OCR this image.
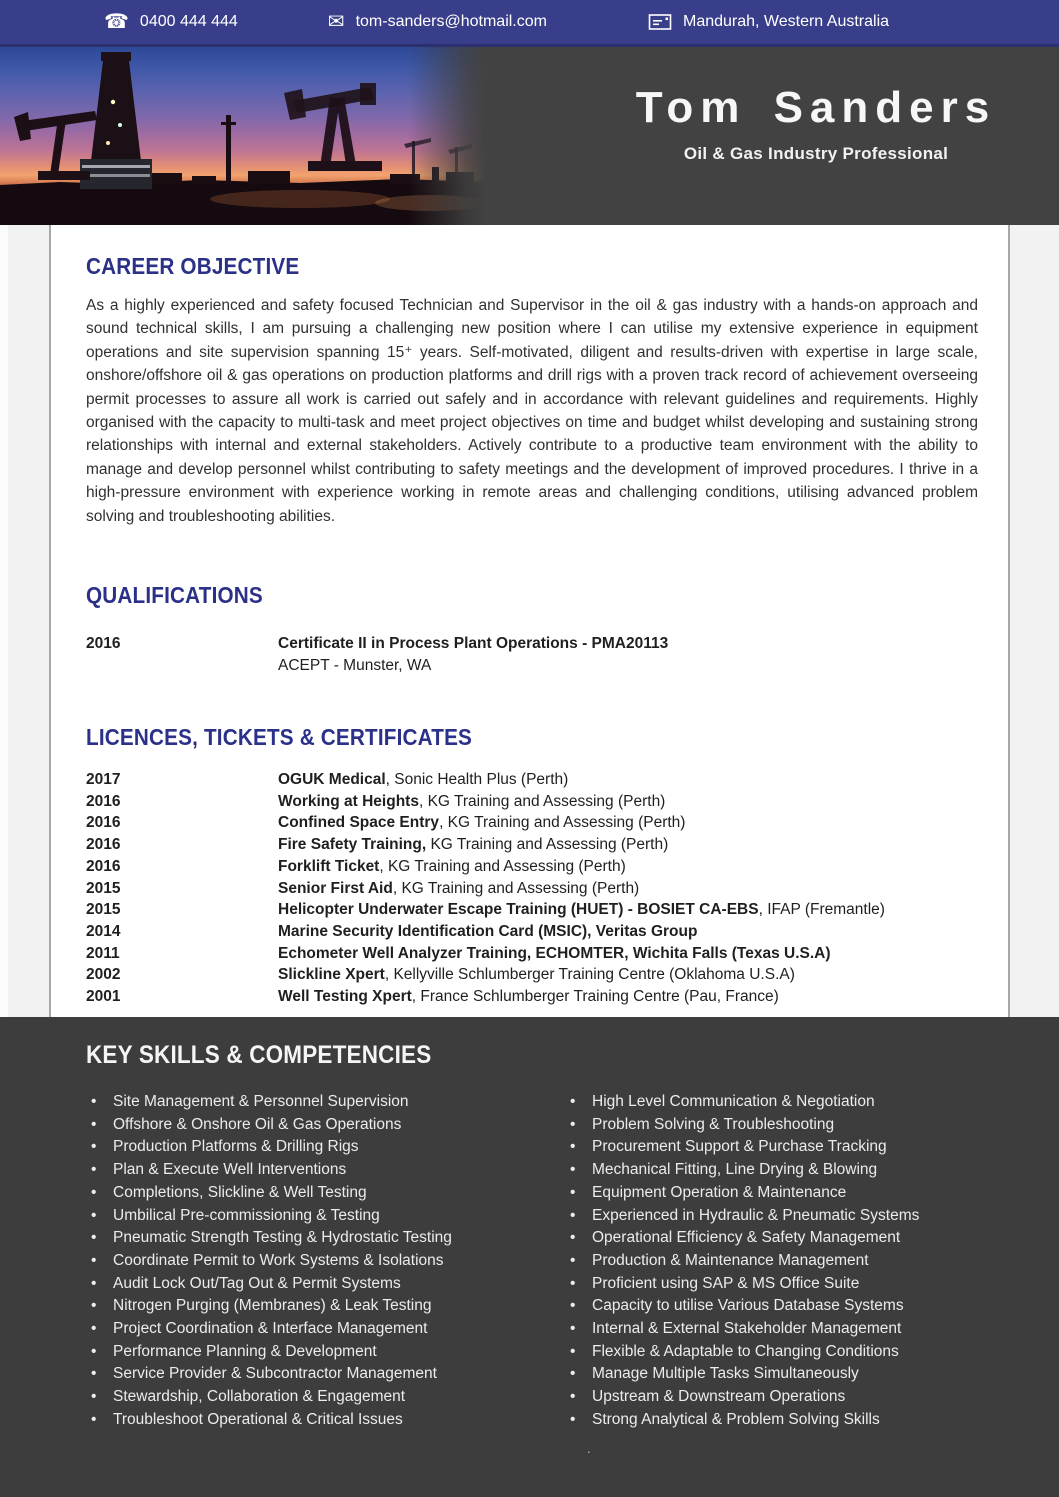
☎ 0400 444 444	✉ tom-sanders@hotmail.com	Mandurah, Western Australia
Tom Sanders
Oil & Gas Industry Professional
CAREER OBJECTIVE

As a highly experienced and safety focused Technician and Supervisor in the oil & gas industry with a hands-on approach and sound technical skills, I am pursuing a challenging new position where I can utilise my extensive experience in equipment operations and site supervision spanning 15⁺ years. Self-motivated, diligent and results-driven with expertise in large scale, onshore/offshore oil & gas operations on production platforms and drill rigs with a proven track record of achievement overseeing permit processes to assure all work is carried out safely and in accordance with relevant guidelines and requirements. Highly organised with the capacity to multi-task and meet project objectives on time and budget whilst developing and sustaining strong relationships with internal and external stakeholders. Actively contribute to a productive team environment with the ability to manage and develop personnel whilst contributing to safety meetings and the development of improved procedures. I thrive in a high-pressure environment with experience working in remote areas and challenging conditions, utilising advanced problem solving and troubleshooting abilities.

QUALIFICATIONS
2016	Certificate II in Process Plant Operations - PMA20113
ACEPT - Munster, WA
LICENCES, TICKETS & CERTIFICATES
2017	OGUK Medical, Sonic Health Plus (Perth)
2016	Working at Heights, KG Training and Assessing (Perth)
2016	Confined Space Entry, KG Training and Assessing (Perth)
2016	Fire Safety Training, KG Training and Assessing (Perth)
2016	Forklift Ticket, KG Training and Assessing (Perth)
2015	Senior First Aid, KG Training and Assessing (Perth)
2015	Helicopter Underwater Escape Training (HUET) - BOSIET CA-EBS, IFAP (Fremantle)
2014	Marine Security Identification Card (MSIC), Veritas Group
2011	Echometer Well Analyzer Training, ECHOMTER, Wichita Falls (Texas U.S.A)
2002	Slickline Xpert, Kellyville Schlumberger Training Centre (Oklahoma U.S.A)
2001	Well Testing Xpert, France Schlumberger Training Centre (Pau, France)
KEY SKILLS & COMPETENCIES
• Site Management & Personnel Supervision
• Offshore & Onshore Oil & Gas Operations
• Production Platforms & Drilling Rigs
• Plan & Execute Well Interventions
• Completions, Slickline & Well Testing
• Umbilical Pre-commissioning & Testing
• Pneumatic Strength Testing & Hydrostatic Testing
• Coordinate Permit to Work Systems & Isolations
• Audit Lock Out/Tag Out & Permit Systems
• Nitrogen Purging (Membranes) & Leak Testing
• Project Coordination & Interface Management
• Performance Planning & Development
• Service Provider & Subcontractor Management
• Stewardship, Collaboration & Engagement
• Troubleshoot Operational & Critical Issues
• High Level Communication & Negotiation
• Problem Solving & Troubleshooting
• Procurement Support & Purchase Tracking
• Mechanical Fitting, Line Drying & Blowing
• Equipment Operation & Maintenance
• Experienced in Hydraulic & Pneumatic Systems
• Operational Efficiency & Safety Management
• Production & Maintenance Management
• Proficient using SAP & MS Office Suite
• Capacity to utilise Various Database Systems
• Internal & External Stakeholder Management
• Flexible & Adaptable to Changing Conditions
• Manage Multiple Tasks Simultaneously
• Upstream & Downstream Operations
• Strong Analytical & Problem Solving Skills
.
